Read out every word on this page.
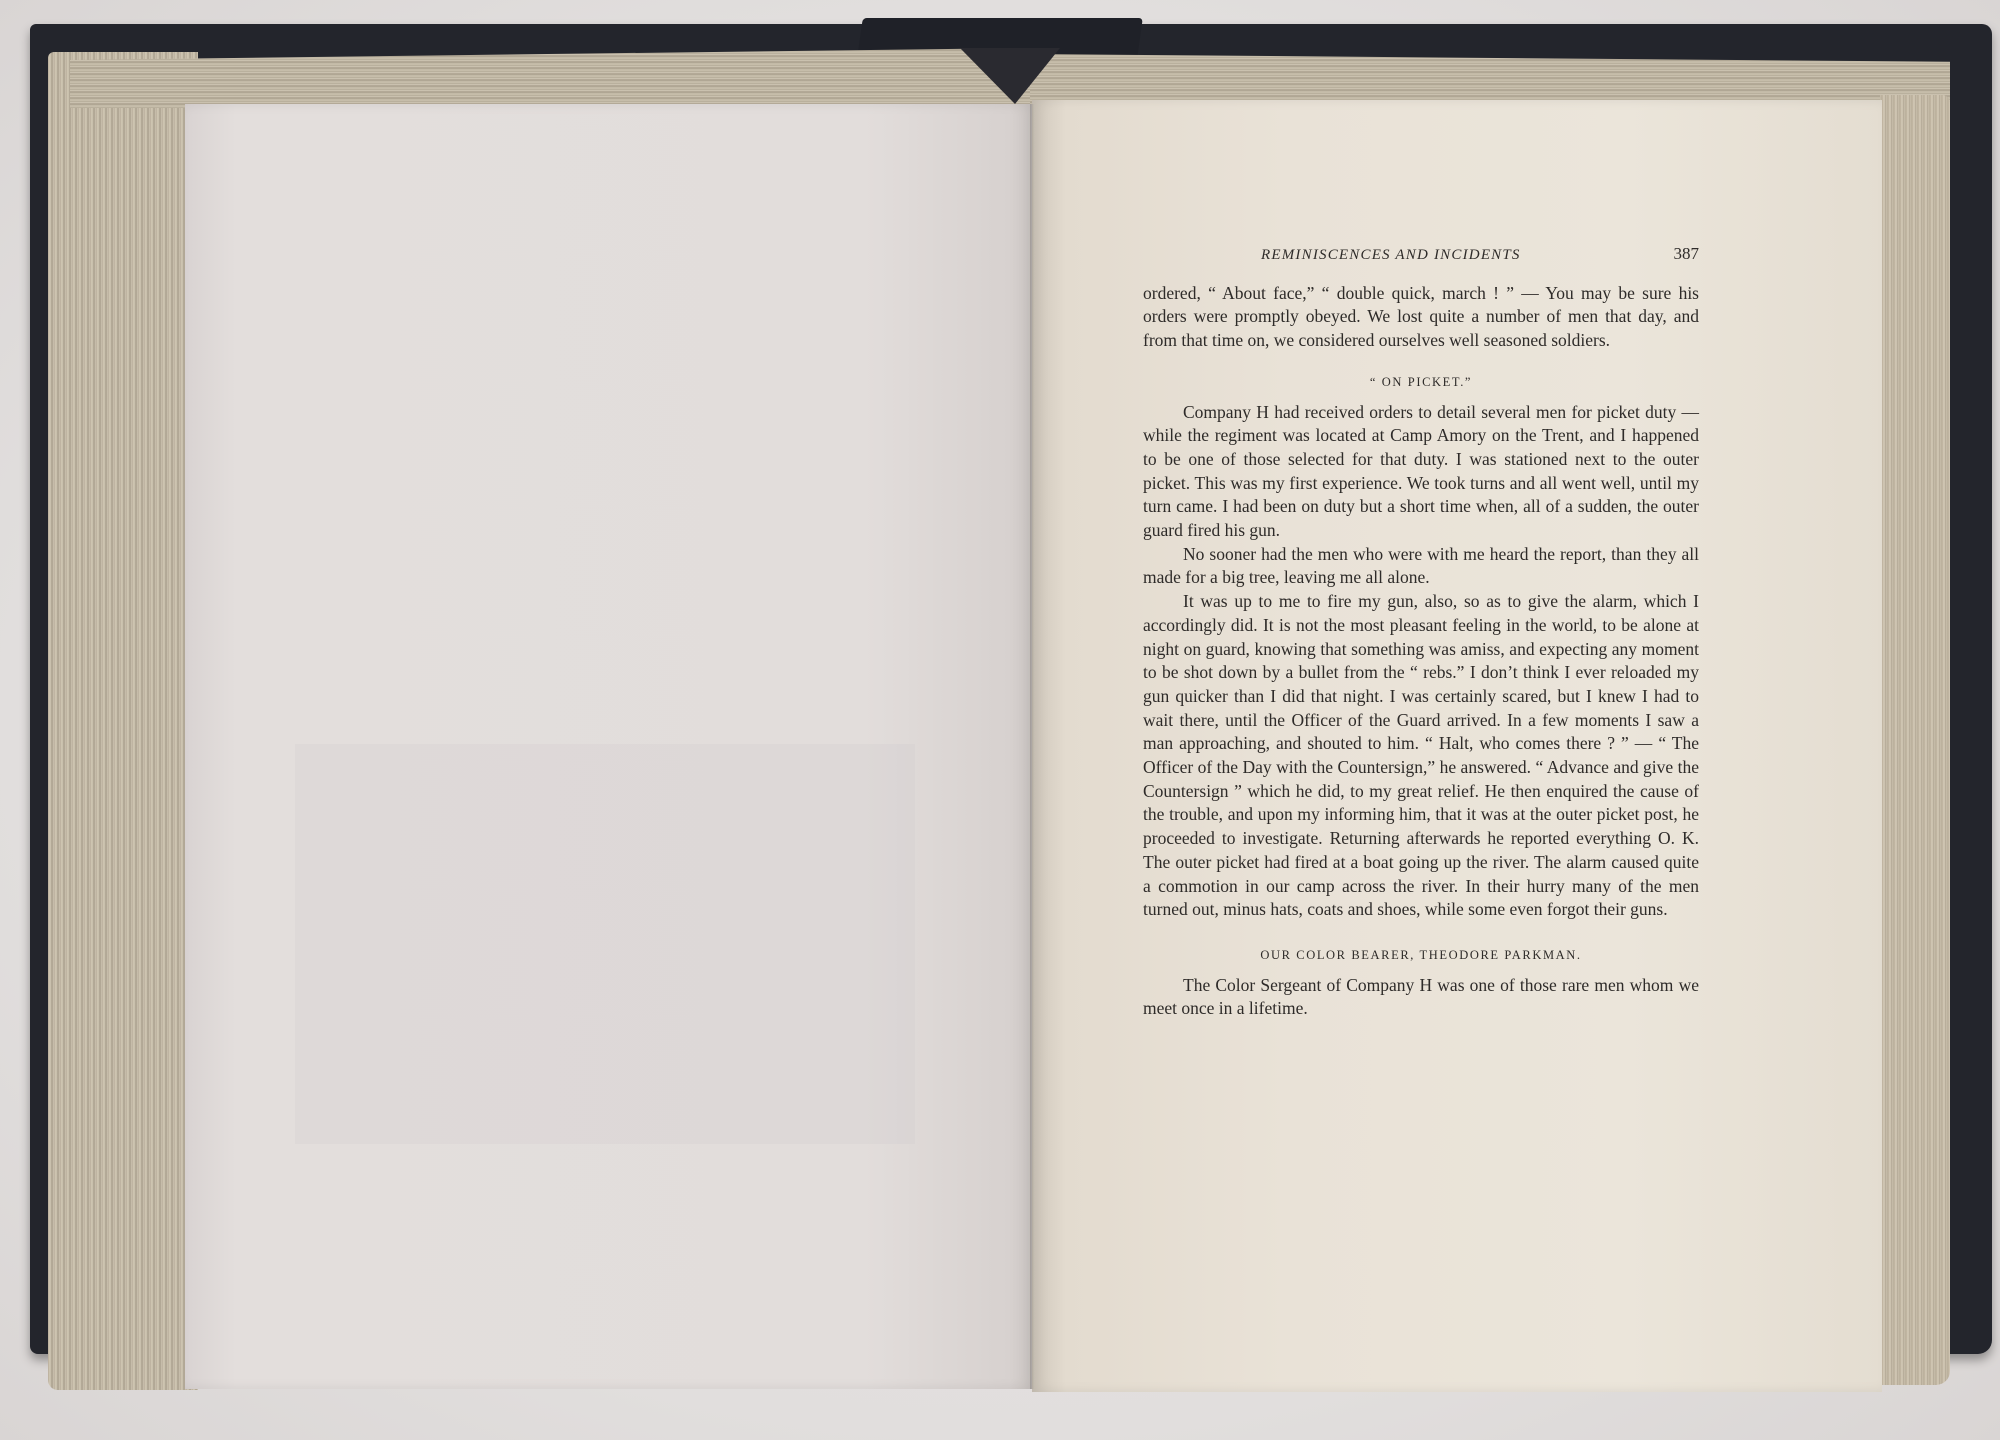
REMINISCENCES AND INCIDENTS	387

ordered, “ About face,” “ double quick, march ! ” — You may be sure his orders were promptly obeyed. We lost quite a number of men that day, and from that time on, we considered ourselves well seasoned soldiers.

“ ON PICKET.”

Company H had received orders to detail several men for picket duty — while the regiment was located at Camp Amory on the Trent, and I happened to be one of those selected for that duty. I was stationed next to the outer picket. This was my first experience. We took turns and all went well, until my turn came. I had been on duty but a short time when, all of a sudden, the outer guard fired his gun.

No sooner had the men who were with me heard the report, than they all made for a big tree, leaving me all alone.

It was up to me to fire my gun, also, so as to give the alarm, which I accordingly did. It is not the most pleasant feeling in the world, to be alone at night on guard, knowing that something was amiss, and expecting any moment to be shot down by a bullet from the “ rebs.” I don’t think I ever reloaded my gun quicker than I did that night. I was certainly scared, but I knew I had to wait there, until the Officer of the Guard arrived. In a few moments I saw a man approaching, and shouted to him. “ Halt, who comes there ? ” — “ The Officer of the Day with the Countersign,” he answered. “ Advance and give the Countersign ” which he did, to my great relief. He then enquired the cause of the trouble, and upon my informing him, that it was at the outer picket post, he proceeded to investigate. Returning afterwards he reported everything O. K. The outer picket had fired at a boat going up the river. The alarm caused quite a commotion in our camp across the river. In their hurry many of the men turned out, minus hats, coats and shoes, while some even forgot their guns.

OUR COLOR BEARER, THEODORE PARKMAN.

The Color Sergeant of Company H was one of those rare men whom we meet once in a lifetime.
